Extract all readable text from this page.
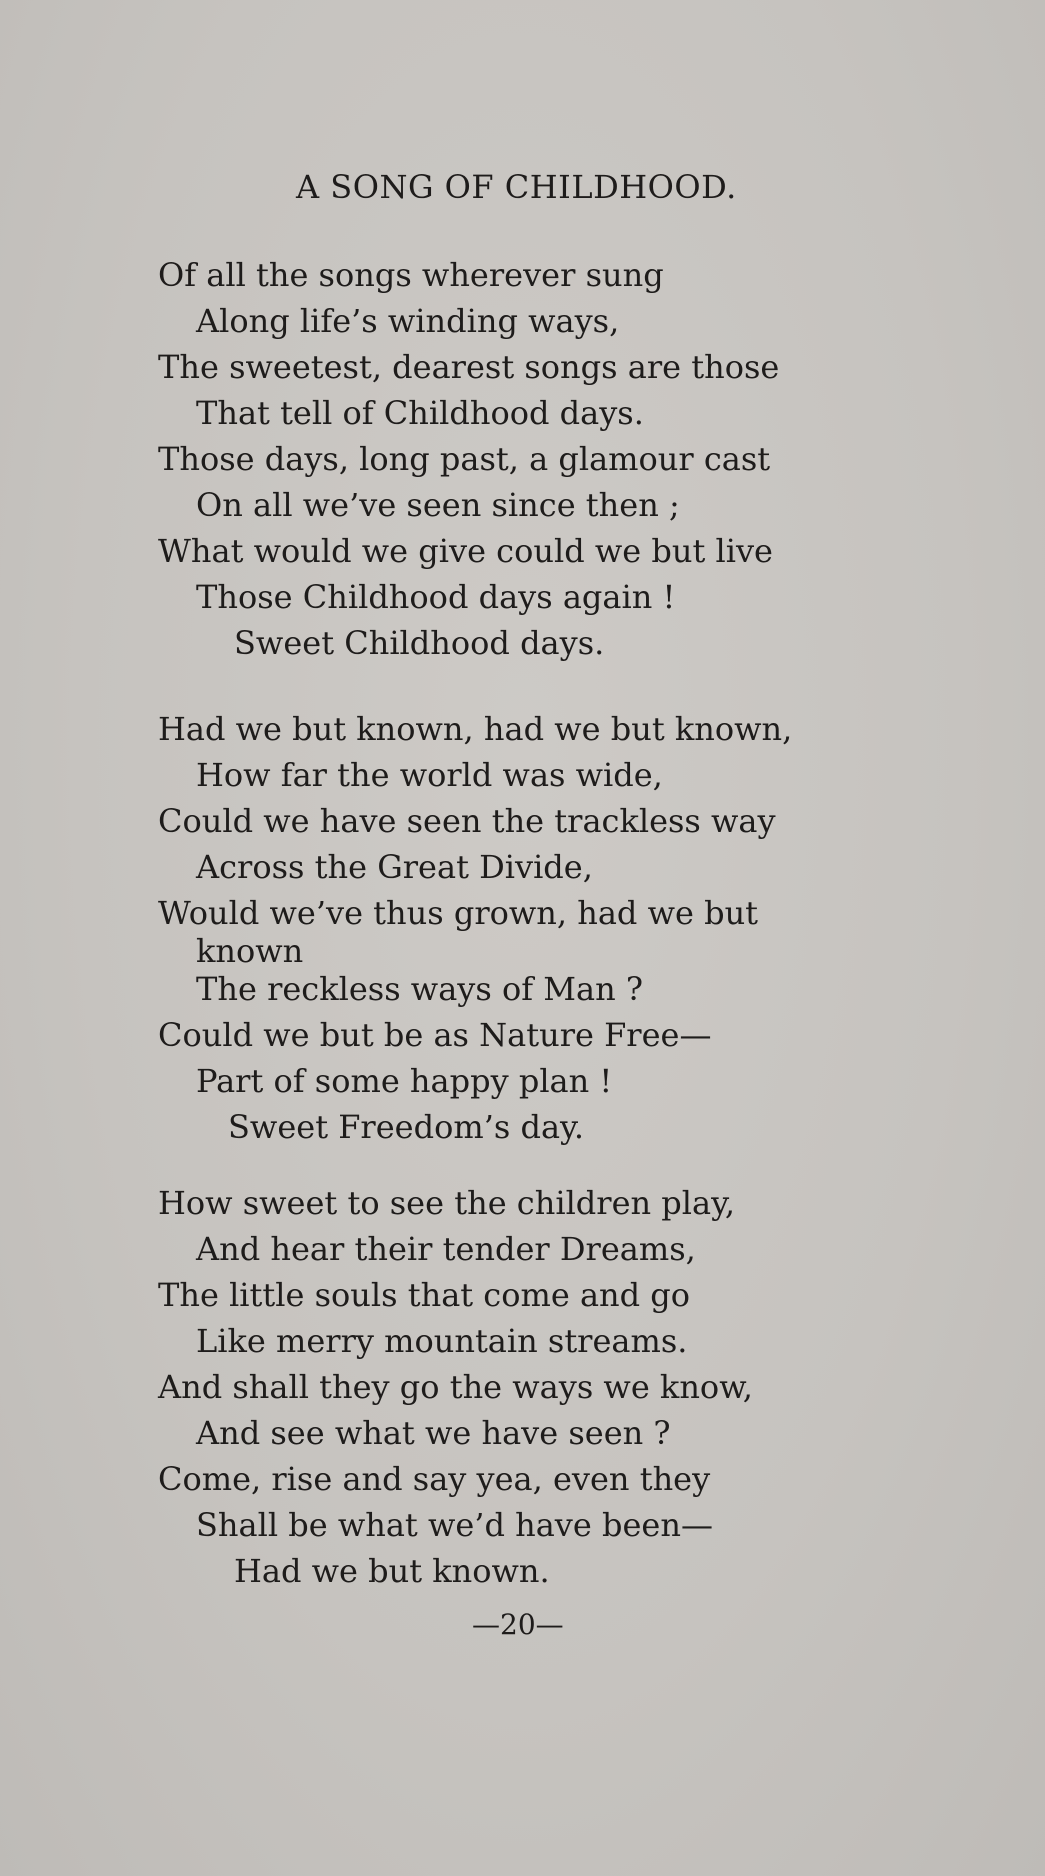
A SONG OF CHILDHOOD.
Of all the songs wherever sung
Along life’s winding ways,
The sweetest, dearest songs are those
That tell of Childhood days.
Those days, long past, a glamour cast
On all we’ve seen since then ;
What would we give could we but live
Those Childhood days again !
Sweet Childhood days.
Had we but known, had we but known,
How far the world was wide,
Could we have seen the trackless way
Across the Great Divide,
Would we’ve thus grown, had we but
known
The reckless ways of Man ?
Could we but be as Nature Free—
Part of some happy plan !
Sweet Freedom’s day.
How sweet to see the children play,
And hear their tender Dreams,
The little souls that come and go
Like merry mountain streams.
And shall they go the ways we know,
And see what we have seen ?
Come, rise and say yea, even they
Shall be what we’d have been—
Had we but known.
—20—
